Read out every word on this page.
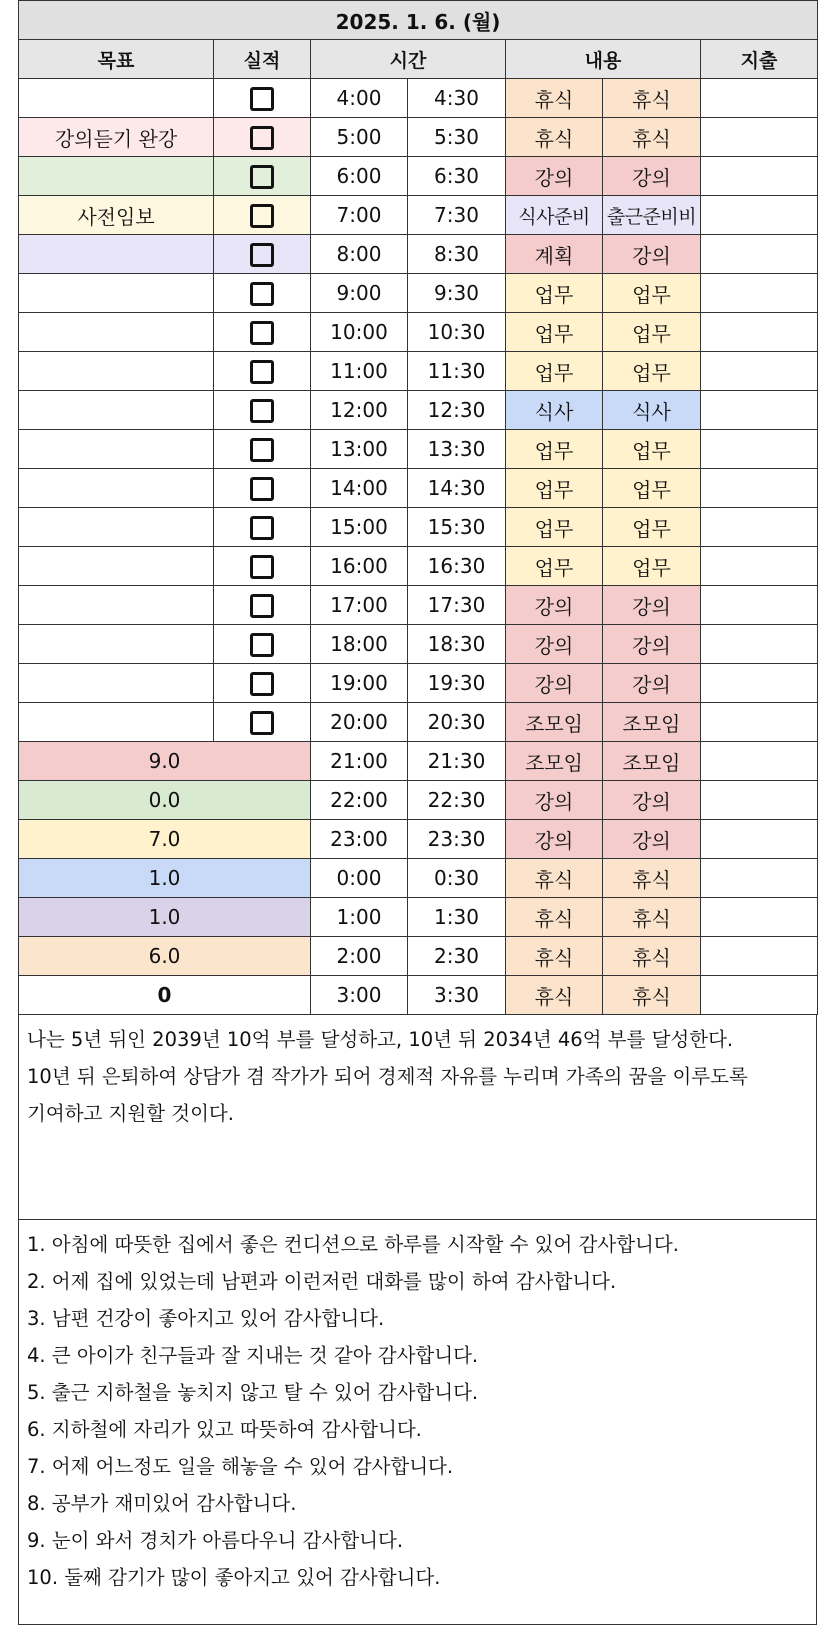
2025. 1. 6. (월)						
목표	실적	시간		내용		지출
		4:00	4:30	휴식	휴식	
강의듣기 완강		5:00	5:30	휴식	휴식	
		6:00	6:30	강의	강의	
사전임보		7:00	7:30	식사준비	출근준비비	
		8:00	8:30	계획	강의	
		9:00	9:30	업무	업무	
		10:00	10:30	업무	업무	
		11:00	11:30	업무	업무	
		12:00	12:30	식사	식사	
		13:00	13:30	업무	업무	
		14:00	14:30	업무	업무	
		15:00	15:30	업무	업무	
		16:00	16:30	업무	업무	
		17:00	17:30	강의	강의	
		18:00	18:30	강의	강의	
		19:00	19:30	강의	강의	
		20:00	20:30	조모임	조모임	
9.0		21:00	21:30	조모임	조모임	
0.0		22:00	22:30	강의	강의	
7.0		23:00	23:30	강의	강의	
1.0		0:00	0:30	휴식	휴식	
1.0		1:00	1:30	휴식	휴식	
6.0		2:00	2:30	휴식	휴식	
0		3:00	3:30	휴식	휴식	
나는 5년 뒤인 2039년 10억 부를 달성하고, 10년 뒤 2034년 46억 부를 달성한다.
10년 뒤 은퇴하여 상담가 겸 작가가 되어 경제적 자유를 누리며 가족의 꿈을 이루도록
기여하고 지원할 것이다.
1. 아침에 따뜻한 집에서 좋은 컨디션으로 하루를 시작할 수 있어 감사합니다.
2. 어제 집에 있었는데 남편과 이런저런 대화를 많이 하여 감사합니다.
3. 남편 건강이 좋아지고 있어 감사합니다.
4. 큰 아이가 친구들과 잘 지내는 것 같아 감사합니다.
5. 출근 지하철을 놓치지 않고 탈 수 있어 감사합니다.
6. 지하철에 자리가 있고 따뜻하여 감사합니다.
7. 어제 어느정도 일을 해놓을 수 있어 감사합니다.
8. 공부가 재미있어 감사합니다.
9. 눈이 와서 경치가 아름다우니 감사합니다.
10. 둘째 감기가 많이 좋아지고 있어 감사합니다.
